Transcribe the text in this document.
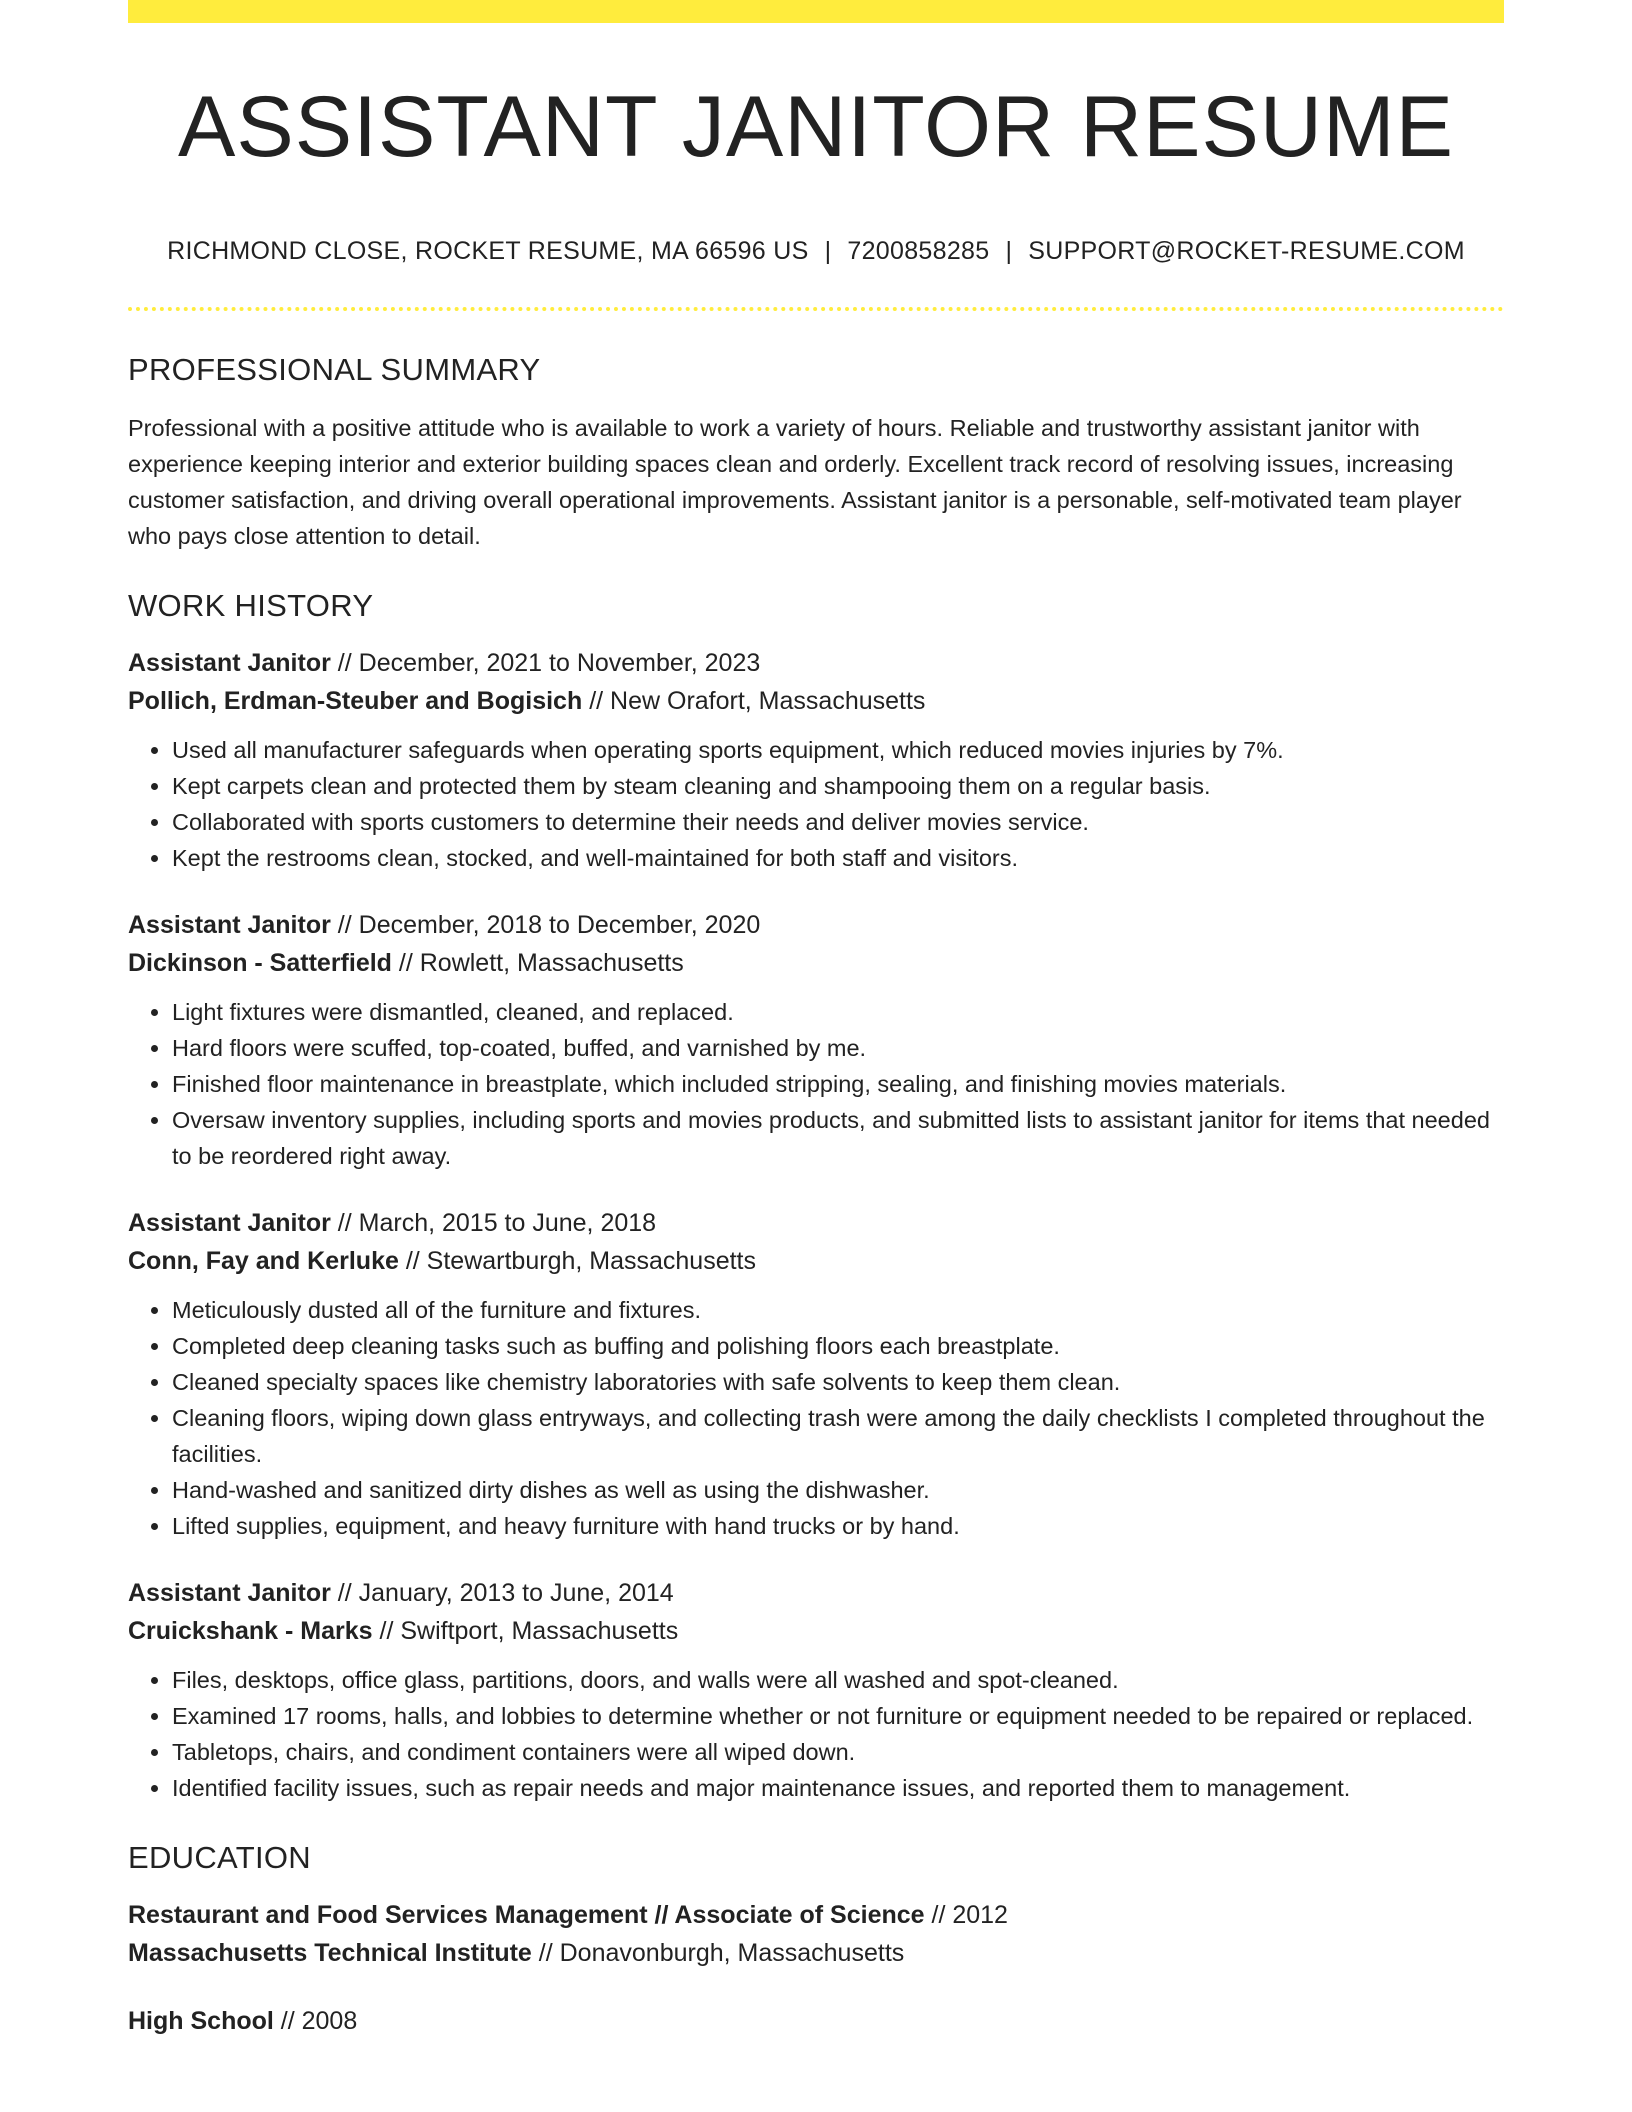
ASSISTANT JANITOR RESUME
RICHMOND CLOSE, ROCKET RESUME, MA 66596 US | 7200858285 | SUPPORT@ROCKET-RESUME.COM
PROFESSIONAL SUMMARY

Professional with a positive attitude who is available to work a variety of hours. Reliable and trustworthy assistant janitor with experience keeping interior and exterior building spaces clean and orderly. Excellent track record of resolving issues, increasing customer satisfaction, and driving overall operational improvements. Assistant janitor is a personable, self-motivated team player who pays close attention to detail.

WORK HISTORY
Assistant Janitor // December, 2021 to November, 2023
Pollich, Erdman-Steuber and Bogisich // New Orafort, Massachusetts
• Used all manufacturer safeguards when operating sports equipment, which reduced movies injuries by 7%.
• Kept carpets clean and protected them by steam cleaning and shampooing them on a regular basis.
• Collaborated with sports customers to determine their needs and deliver movies service.
• Kept the restrooms clean, stocked, and well-maintained for both staff and visitors.
Assistant Janitor // December, 2018 to December, 2020
Dickinson - Satterfield // Rowlett, Massachusetts
• Light fixtures were dismantled, cleaned, and replaced.
• Hard floors were scuffed, top-coated, buffed, and varnished by me.
• Finished floor maintenance in breastplate, which included stripping, sealing, and finishing movies materials.
• Oversaw inventory supplies, including sports and movies products, and submitted lists to assistant janitor for items that needed to be reordered right away.
Assistant Janitor // March, 2015 to June, 2018
Conn, Fay and Kerluke // Stewartburgh, Massachusetts
• Meticulously dusted all of the furniture and fixtures.
• Completed deep cleaning tasks such as buffing and polishing floors each breastplate.
• Cleaned specialty spaces like chemistry laboratories with safe solvents to keep them clean.
• Cleaning floors, wiping down glass entryways, and collecting trash were among the daily checklists I completed throughout the facilities.
• Hand-washed and sanitized dirty dishes as well as using the dishwasher.
• Lifted supplies, equipment, and heavy furniture with hand trucks or by hand.
Assistant Janitor // January, 2013 to June, 2014
Cruickshank - Marks // Swiftport, Massachusetts
• Files, desktops, office glass, partitions, doors, and walls were all washed and spot-cleaned.
• Examined 17 rooms, halls, and lobbies to determine whether or not furniture or equipment needed to be repaired or replaced.
• Tabletops, chairs, and condiment containers were all wiped down.
• Identified facility issues, such as repair needs and major maintenance issues, and reported them to management.
EDUCATION
Restaurant and Food Services Management // Associate of Science // 2012
Massachusetts Technical Institute // Donavonburgh, Massachusetts
High School // 2008
